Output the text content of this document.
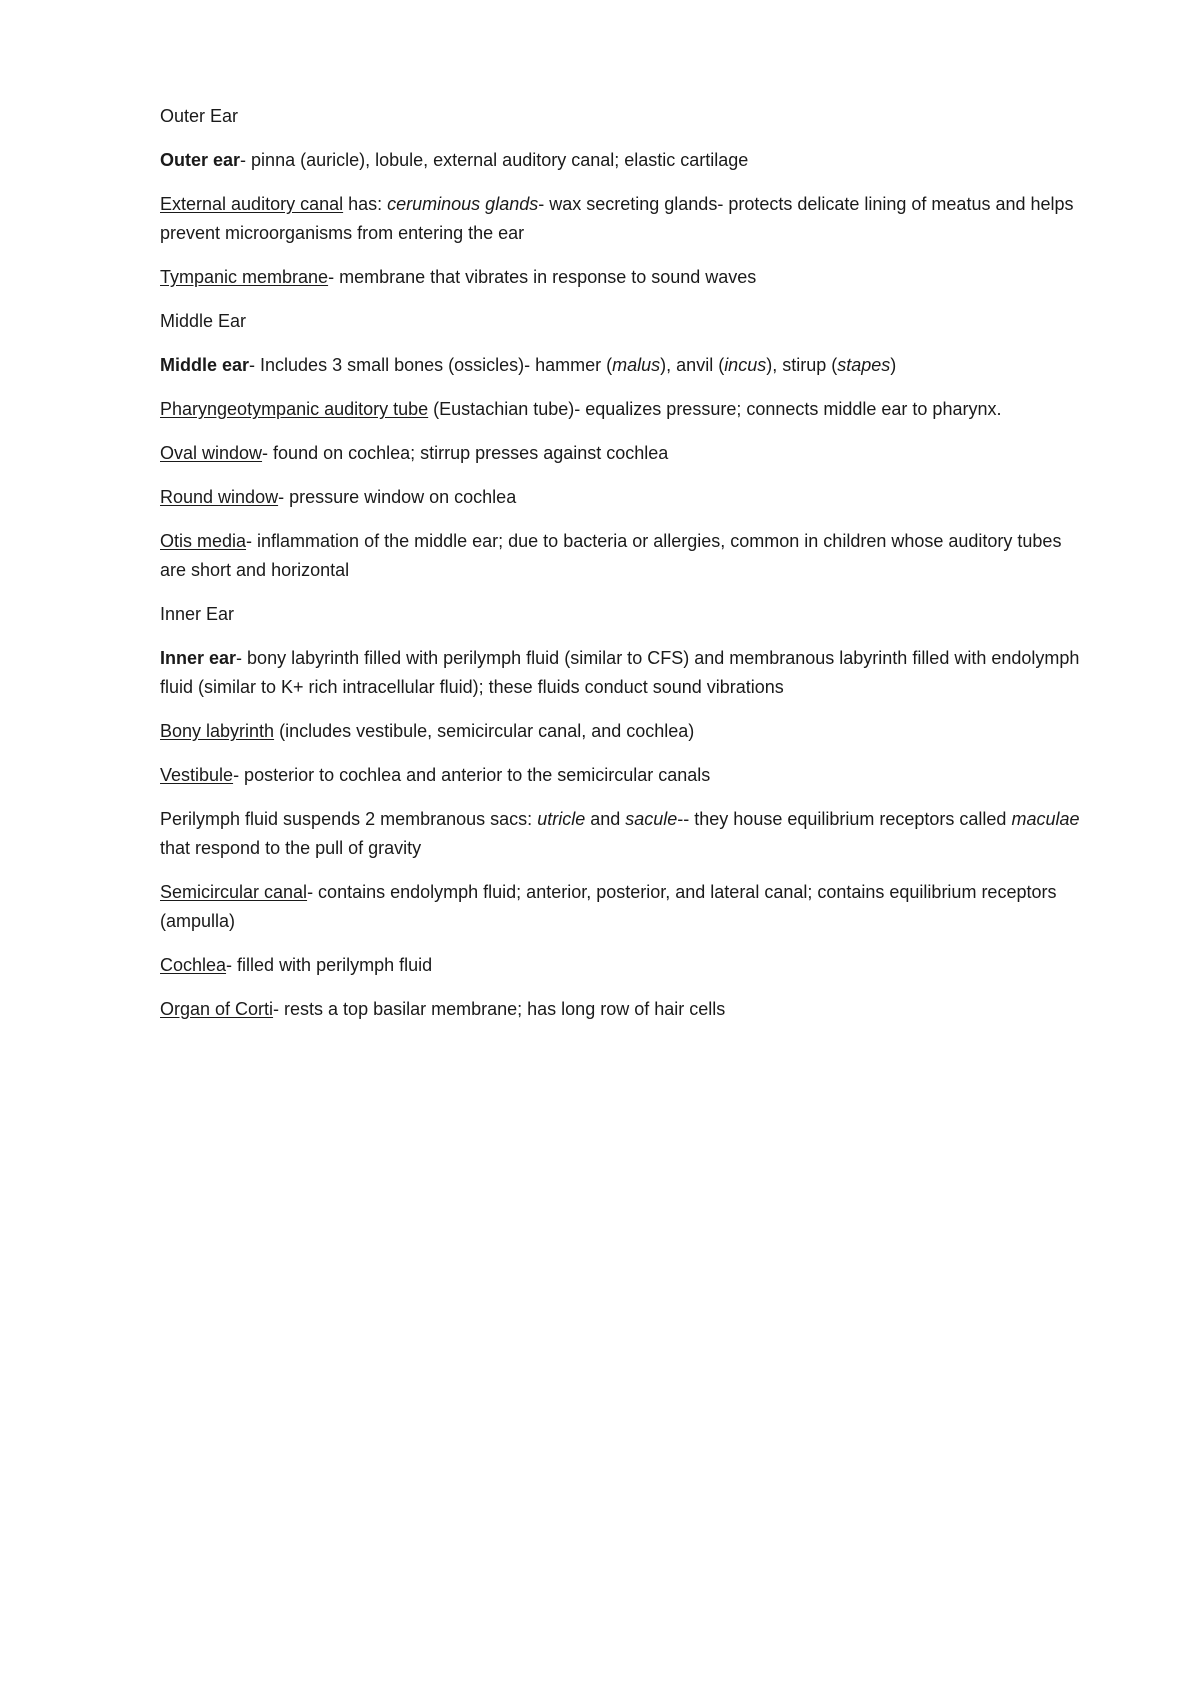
Outer Ear

Outer ear- pinna (auricle), lobule, external auditory canal; elastic cartilage

External auditory canal has: ceruminous glands- wax secreting glands- protects delicate lining of meatus and helps prevent microorganisms from entering the ear

Tympanic membrane- membrane that vibrates in response to sound waves

Middle Ear

Middle ear- Includes 3 small bones (ossicles)- hammer (malus), anvil (incus), stirup (stapes)

Pharyngeotympanic auditory tube (Eustachian tube)- equalizes pressure; connects middle ear to pharynx.

Oval window- found on cochlea; stirrup presses against cochlea

Round window- pressure window on cochlea

Otis media- inflammation of the middle ear; due to bacteria or allergies, common in children whose auditory tubes are short and horizontal

Inner Ear

Inner ear- bony labyrinth filled with perilymph fluid (similar to CFS) and membranous labyrinth filled with endolymph fluid (similar to K+ rich intracellular fluid); these fluids conduct sound vibrations

Bony labyrinth (includes vestibule, semicircular canal, and cochlea)

Vestibule- posterior to cochlea and anterior to the semicircular canals

Perilymph fluid suspends 2 membranous sacs: utricle and sacule-- they house equilibrium receptors called maculae that respond to the pull of gravity

Semicircular canal- contains endolymph fluid; anterior, posterior, and lateral canal; contains equilibrium receptors (ampulla)

Cochlea- filled with perilymph fluid

Organ of Corti- rests a top basilar membrane; has long row of hair cells
